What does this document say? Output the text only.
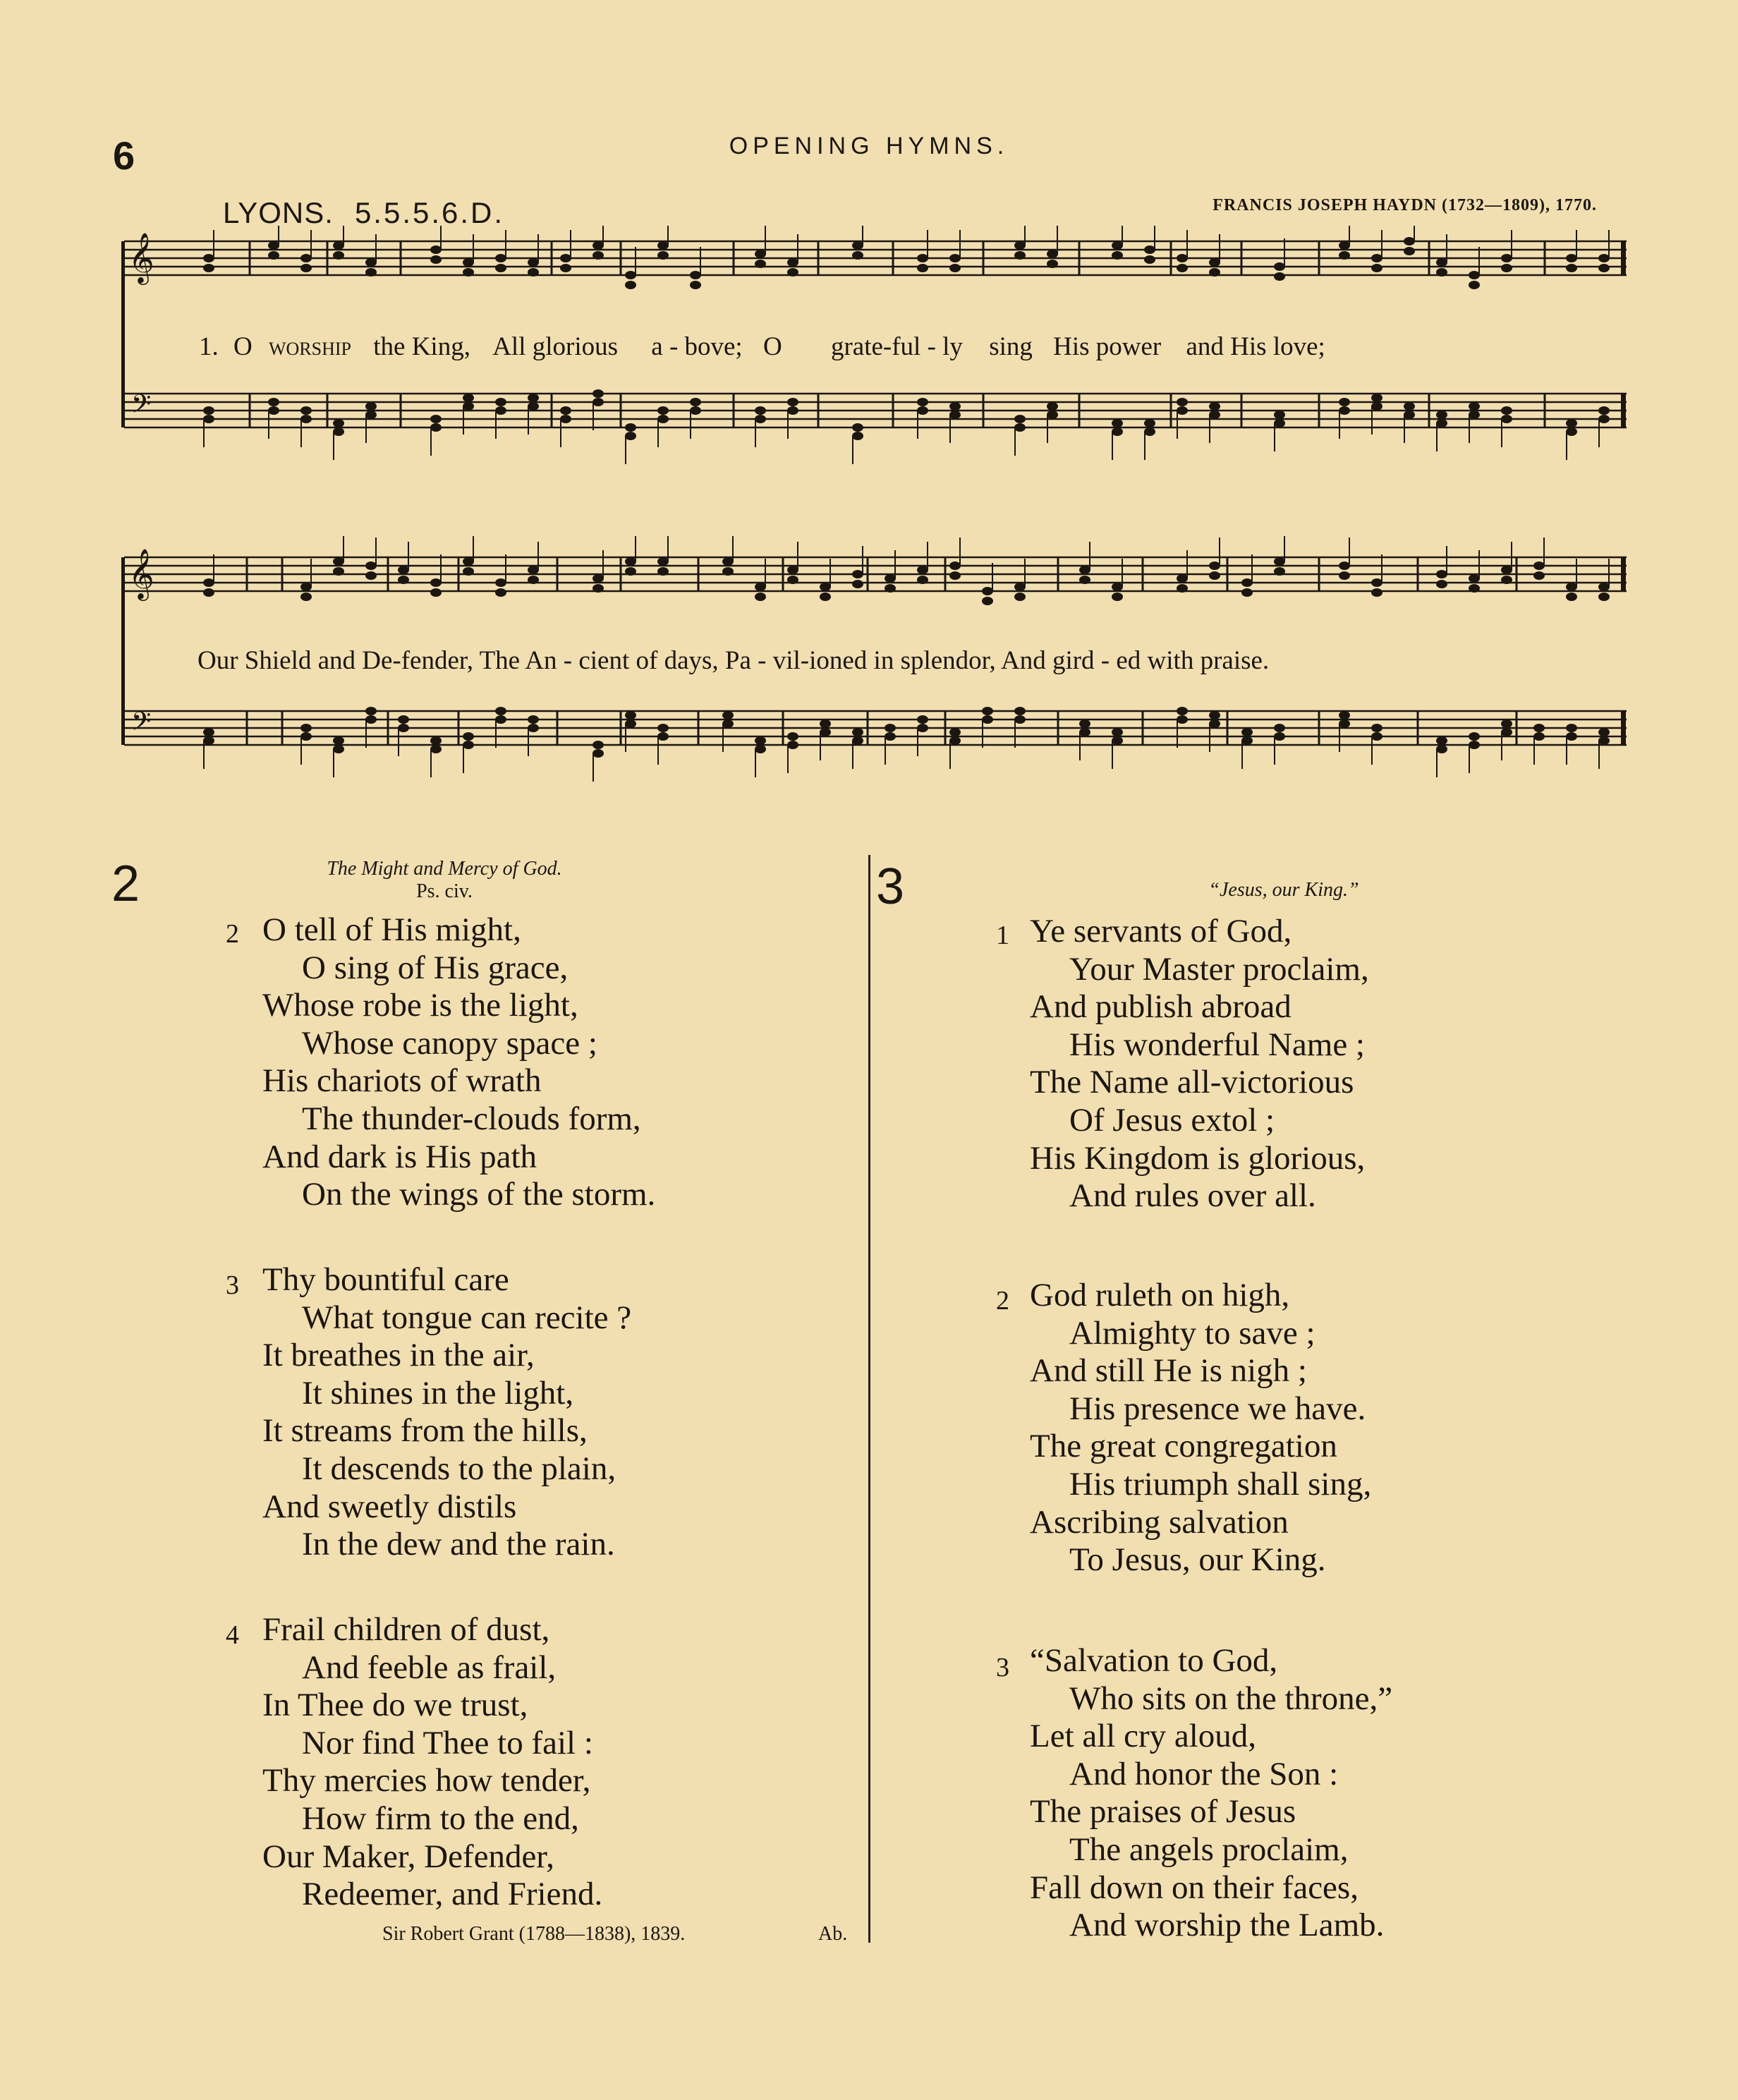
6	OPENING HYMNS.
LYONS. 5.5.5.6.D.	FRANCIS JOSEPH HAYDN (1732—1809), 1770.
𝄞
𝄢
1. O worship the King, All glorious a - bove; O grate-ful - ly sing His power and His love;
𝄞
𝄢
Our Shield and De-fender, The An - cient of days, Pa - vil-ioned in splendor, And gird - ed with praise.
2	The Might and Mercy of God.
Ps. civ.
2 O tell of His might,
O sing of His grace,
Whose robe is the light,
Whose canopy space ;
His chariots of wrath
The thunder-clouds form,
And dark is His path
On the wings of the storm.
3 Thy bountiful care
What tongue can recite ?
It breathes in the air,
It shines in the light,
It streams from the hills,
It descends to the plain,
And sweetly distils
In the dew and the rain.
4 Frail children of dust,
And feeble as frail,
In Thee do we trust,
Nor find Thee to fail :
Thy mercies how tender,
How firm to the end,
Our Maker, Defender,
Redeemer, and Friend.
Sir Robert Grant (1788—1838), 1839.	Ab.
3	“Jesus, our King.”
1 Ye servants of God,
Your Master proclaim,
And publish abroad
His wonderful Name ;
The Name all-victorious
Of Jesus extol ;
His Kingdom is glorious,
And rules over all.
2 God ruleth on high,
Almighty to save ;
And still He is nigh ;
His presence we have.
The great congregation
His triumph shall sing,
Ascribing salvation
To Jesus, our King.
3 “Salvation to God,
Who sits on the throne,”
Let all cry aloud,
And honor the Son :
The praises of Jesus
The angels proclaim,
Fall down on their faces,
And worship the Lamb.
